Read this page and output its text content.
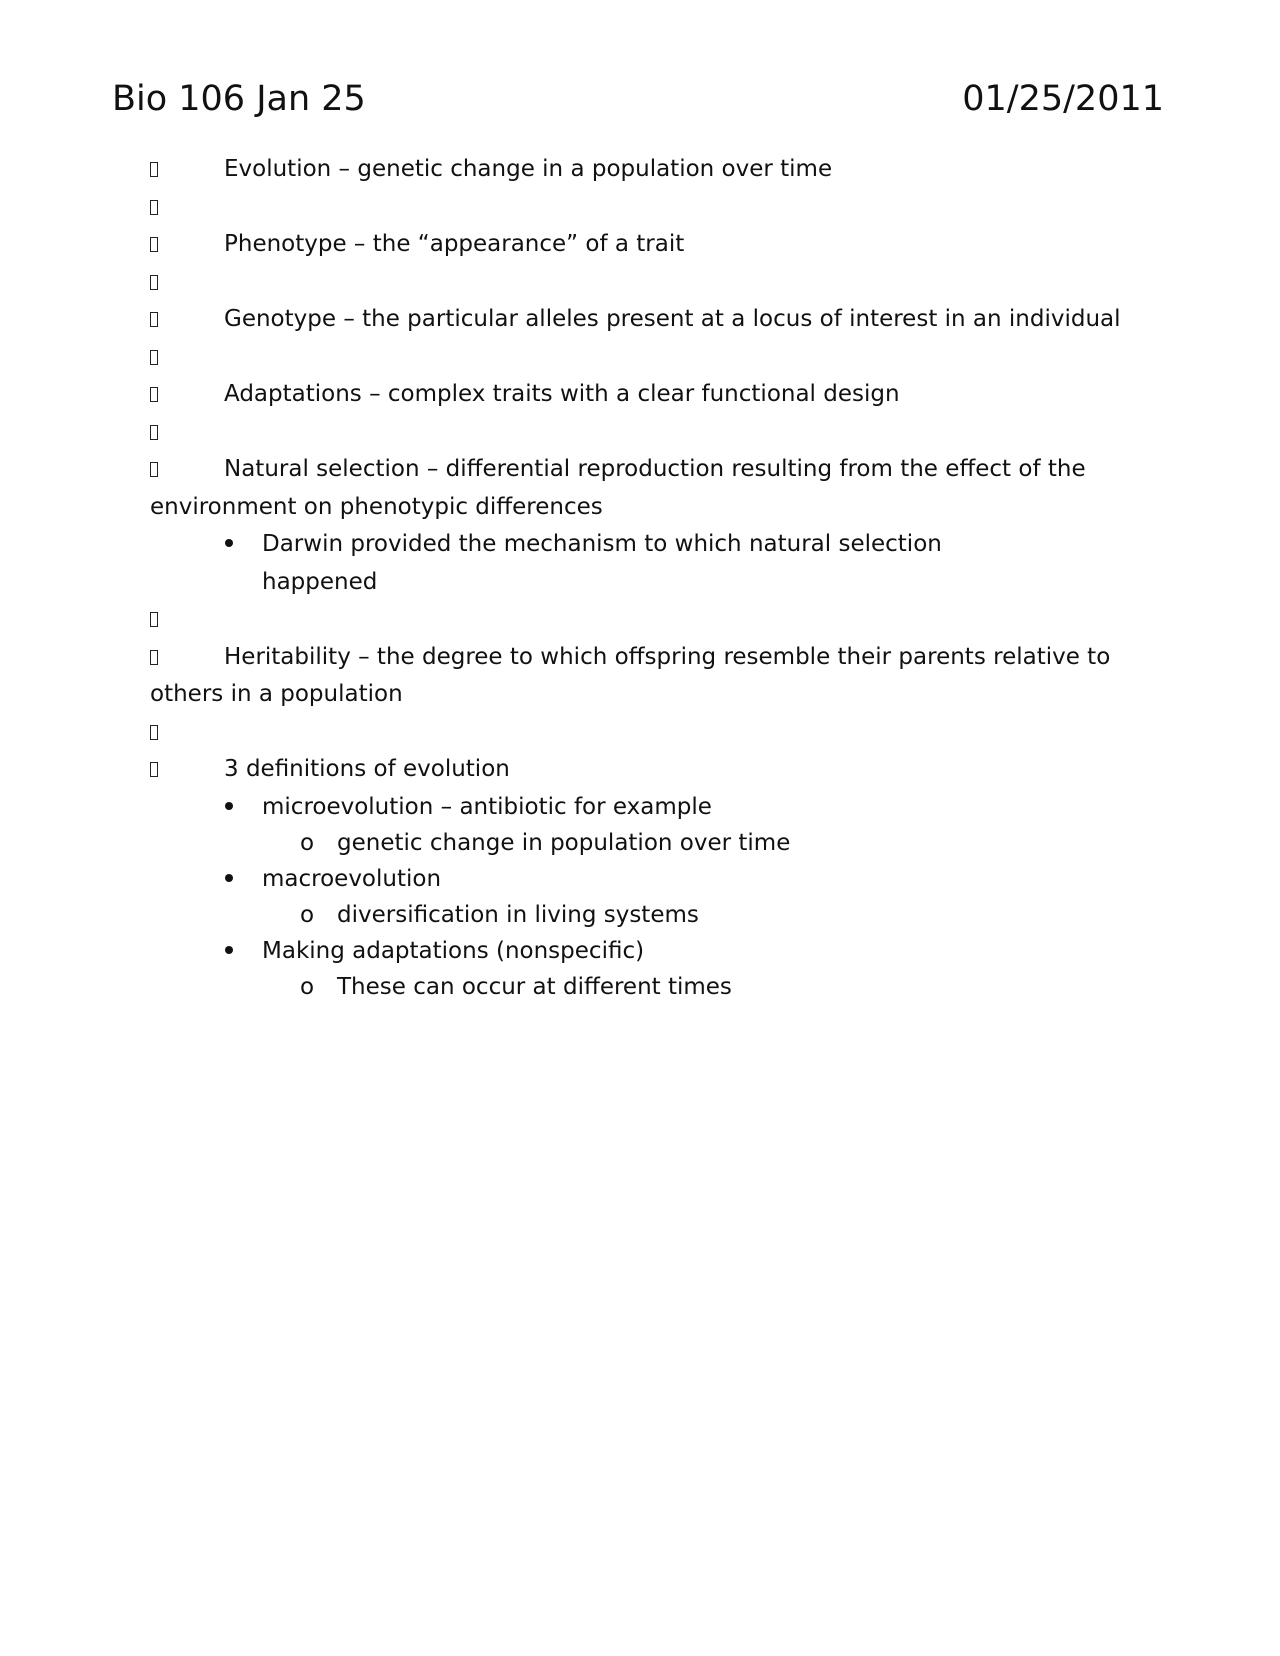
Bio 106 Jan 25	01/25/2011
Evolution – genetic change in a population over time
Phenotype – the “appearance” of a trait
Genotype – the particular alleles present at a locus of interest in an individual
Adaptations – complex traits with a clear functional design
Natural selection – differential reproduction resulting from the effect of the environment on phenotypic differences
Darwin provided the mechanism to which natural selection happened
Heritability – the degree to which offspring resemble their parents relative to others in a population
3 definitions of evolution
microevolution – antibiotic for example
o genetic change in population over time
macroevolution
o diversification in living systems
Making adaptations (nonspecific)
o These can occur at different times
